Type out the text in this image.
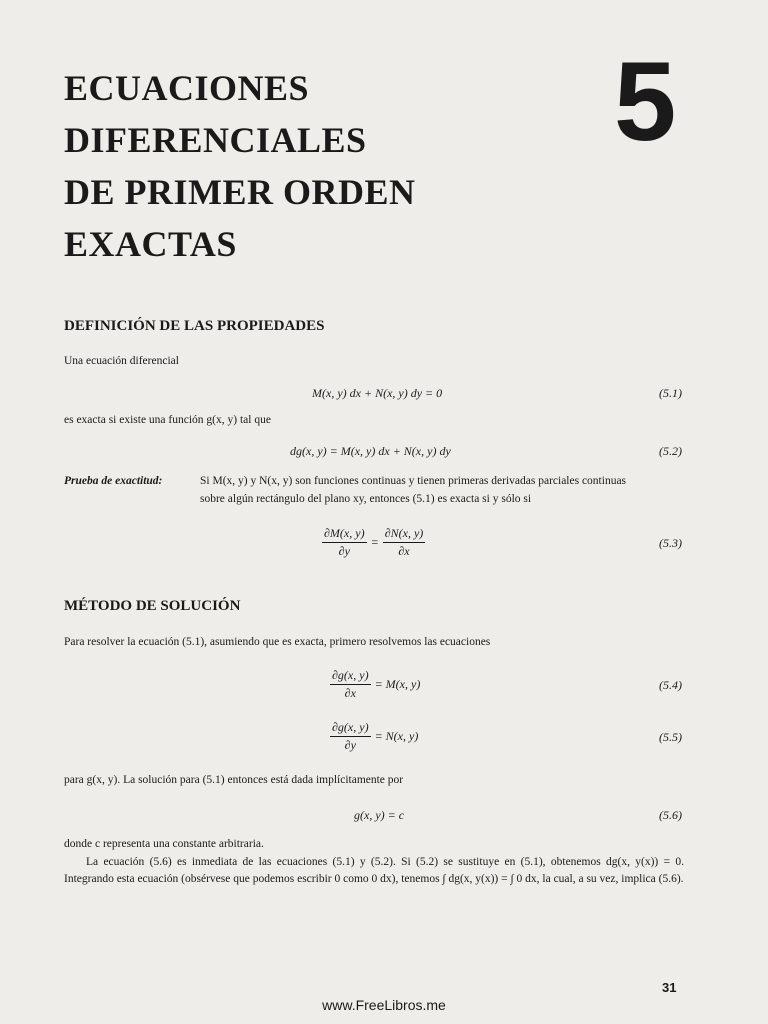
ECUACIONES
DIFERENCIALES
DE PRIMER ORDEN
EXACTAS
5
DEFINICIÓN DE LAS PROPIEDADES
Una ecuación diferencial
M(x, y) dx + N(x, y) dy = 0	(5.1)
es exacta si existe una función g(x, y) tal que
dg(x, y) = M(x, y) dx + N(x, y) dy	(5.2)
Prueba de exactitud:	Si M(x, y) y N(x, y) son funciones continuas y tienen primeras derivadas parciales continuas
sobre algún rectángulo del plano xy, entonces (5.1) es exacta si y sólo si
$\frac{\partial M(x, y)}{\partial y} = \frac{\partial N(x, y)}{\partial x}$	(5.3)
MÉTODO DE SOLUCIÓN
Para resolver la ecuación (5.1), asumiendo que es exacta, primero resolvemos las ecuaciones
$\frac{\partial g(x, y)}{\partial x} = M(x$, y)	(5.4)
$\frac{\partial g(x, y)}{\partial y} = N(x$, y)	(5.5)
para g(x, y). La solución para (5.1) entonces está dada implícitamente por
g(x, y) = c	(5.6)
donde c representa una constante arbitraria.
La ecuación (5.6) es inmediata de las ecuaciones (5.1) y (5.2). Si (5.2) se sustituye en (5.1), obtenemos dg(x, y(x)) = 0. Integrando esta ecuación (obsérvese que podemos escribir 0 como 0 dx), tenemos ∫ dg(x, y(x)) = ∫ 0 dx, la cual, a su vez, implica (5.6).
31
www.FreeLibros.me
